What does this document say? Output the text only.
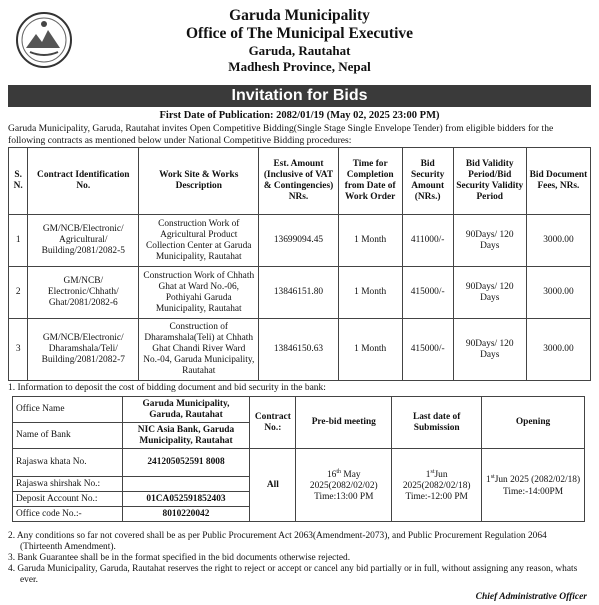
Garuda Municipality
Office of The Municipal Executive
Garuda, Rautahat
Madhesh Province, Nepal
Invitation for Bids
First Date of Publication: 2082/01/19 (May 02, 2025 23:00 PM)
Garuda Municipality, Garuda, Rautahat invites Open Competitive Bidding(Single Stage Single Envelope Tender) from eligible bidders for the following contracts as mentioned below under National Competitive Bidding procedures:
S. N.	Contract Identification No.	Work Site & Works Description	Est. Amount (Inclusive of VAT & Contingencies) NRs.	Time for Completion from Date of Work Order	Bid Security Amount (NRs.)	Bid Validity Period/Bid Security Validity Period	Bid Document Fees, NRs.
1	GM/NCB/Electronic/ Agricultural/ Building/2081/2082-5	Construction Work of Agricultural Product Collection Center at Garuda Municipality, Rautahat	13699094.45	1 Month	411000/-	90Days/ 120 Days	3000.00
2	GM/NCB/ Electronic/Chhath/ Ghat/2081/2082-6	Construction Work of Chhath Ghat at Ward No.-06, Pothiyahi Garuda Municipality, Rautahat	13846151.80	1 Month	415000/-	90Days/ 120 Days	3000.00
3	GM/NCB/Electronic/ Dharamshala/Teli/ Building/2081/2082-7	Construction of Dharamshala(Teli) at Chhath Ghat Chandi River Ward No.-04, Garuda Municipality, Rautahat	13846150.63	1 Month	415000/-	90Days/ 120 Days	3000.00
1. Information to deposit the cost of bidding document and bid security in the bank:
Office Name	Garuda Municipality, Garuda, Rautahat	Contract No.:	Pre-bid meeting	Last date of Submission	Opening
Name of Bank	NIC Asia Bank, Garuda Municipality, Rautahat				
Rajaswa khata No.	241205052591 8008	All	16th May 2025(2082/02/02) Time:13:00 PM	1stJun 2025(2082/02/18) Time:-12:00 PM	1stJun 2025 (2082/02/18) Time:-14:00PM
Rajaswa shirshak No.:					
Deposit Account No.:	01CA052591852403				
Office code No.:-	8010220042				
2. Any conditions so far not covered shall be as per Public Procurement Act 2063(Amendment-2073), and Public Procurement Regulation 2064 (Thirteenth Amendment).
3. Bank Guarantee shall be in the format specified in the bid documents otherwise rejected.
4. Garuda Municipality, Garuda, Rautahat reserves the right to reject or accept or cancel any bid partially or in full, without assigning any reason, whats ever.
Chief Administrative Officer
